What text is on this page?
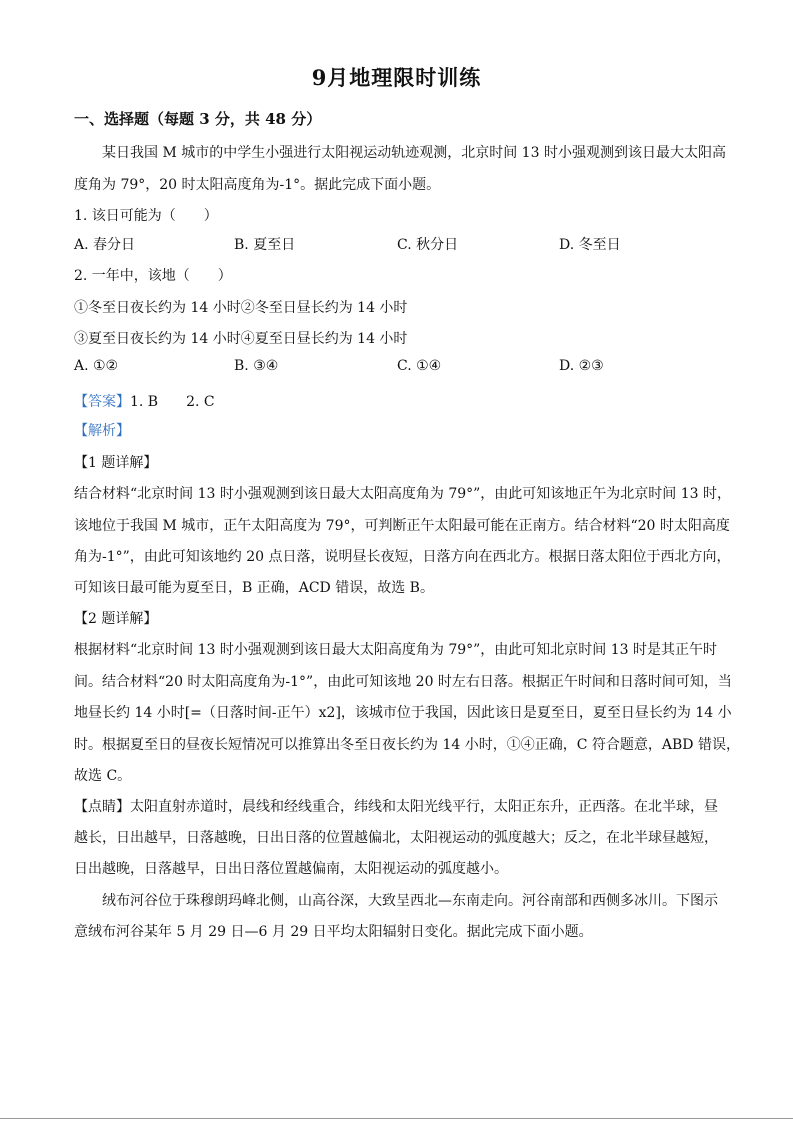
9月地理限时训练
一、选择题（每题 3 分，共 48 分）
某日我国 M 城市的中学生小强进行太阳视运动轨迹观测，北京时间 13 时小强观测到该日最大太阳高
度角为 79°，20 时太阳高度角为-1°。据此完成下面小题。
1. 该日可能为（　　）
A. 春分日	B. 夏至日	C. 秋分日	D. 冬至日
2. 一年中，该地（　　）
①冬至日夜长约为 14 小时②冬至日昼长约为 14 小时
③夏至日夜长约为 14 小时④夏至日昼长约为 14 小时
A. ①②	B. ③④	C. ①④	D. ②③
【答案】1. B 2. C
【解析】
【1 题详解】
结合材料“北京时间 13 时小强观测到该日最大太阳高度角为 79°”，由此可知该地正午为北京时间 13 时，
该地位于我国 M 城市，正午太阳高度为 79°，可判断正午太阳最可能在正南方。结合材料“20 时太阳高度
角为-1°”，由此可知该地约 20 点日落，说明昼长夜短，日落方向在西北方。根据日落太阳位于西北方向，
可知该日最可能为夏至日，B 正确，ACD 错误，故选 B。
【2 题详解】
根据材料“北京时间 13 时小强观测到该日最大太阳高度角为 79°”，由此可知北京时间 13 时是其正午时
间。结合材料“20 时太阳高度角为-1°”，由此可知该地 20 时左右日落。根据正午时间和日落时间可知，当
地昼长约 14 小时[=（日落时间-正午）x2]，该城市位于我国，因此该日是夏至日，夏至日昼长约为 14 小
时。根据夏至日的昼夜长短情况可以推算出冬至日夜长约为 14 小时，①④正确，C 符合题意，ABD 错误，
故选 C。
【点睛】太阳直射赤道时，晨线和经线重合，纬线和太阳光线平行，太阳正东升，正西落。在北半球，昼
越长，日出越早，日落越晚，日出日落的位置越偏北，太阳视运动的弧度越大；反之，在北半球昼越短，
日出越晚，日落越早，日出日落位置越偏南，太阳视运动的弧度越小。
绒布河谷位于珠穆朗玛峰北侧，山高谷深，大致呈西北—东南走向。河谷南部和西侧多冰川。下图示
意绒布河谷某年 5 月 29 日—6 月 29 日平均太阳辐射日变化。据此完成下面小题。
